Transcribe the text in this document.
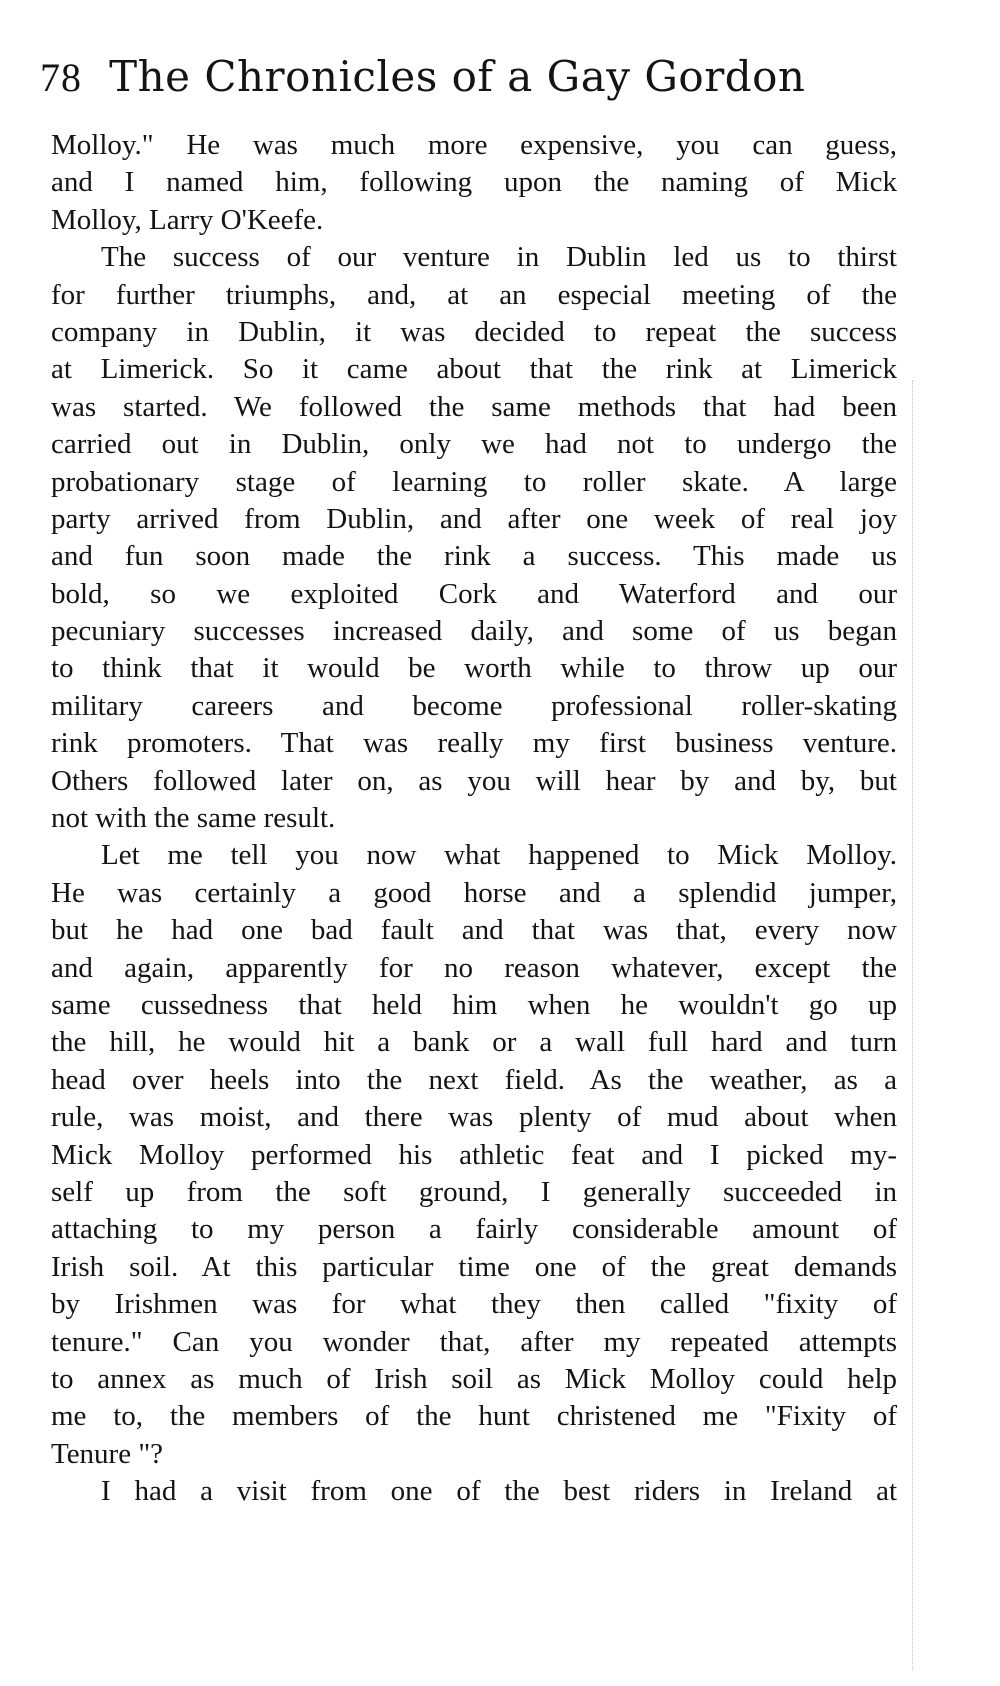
78 The Chronicles of a Gay Gordon
Molloy." He was much more expensive, you can guess,
and I named him, following upon the naming of Mick
Molloy, Larry O'Keefe.
The success of our venture in Dublin led us to thirst
for further triumphs, and, at an especial meeting of the
company in Dublin, it was decided to repeat the success
at Limerick. So it came about that the rink at Limerick
was started. We followed the same methods that had been
carried out in Dublin, only we had not to undergo the
probationary stage of learning to roller skate. A large
party arrived from Dublin, and after one week of real joy
and fun soon made the rink a success. This made us
bold, so we exploited Cork and Waterford and our
pecuniary successes increased daily, and some of us began
to think that it would be worth while to throw up our
military careers and become professional roller-skating
rink promoters. That was really my first business venture.
Others followed later on, as you will hear by and by, but
not with the same result.
Let me tell you now what happened to Mick Molloy.
He was certainly a good horse and a splendid jumper,
but he had one bad fault and that was that, every now
and again, apparently for no reason whatever, except the
same cussedness that held him when he wouldn't go up
the hill, he would hit a bank or a wall full hard and turn
head over heels into the next field. As the weather, as a
rule, was moist, and there was plenty of mud about when
Mick Molloy performed his athletic feat and I picked my-
self up from the soft ground, I generally succeeded in
attaching to my person a fairly considerable amount of
Irish soil. At this particular time one of the great demands
by Irishmen was for what they then called "fixity of
tenure." Can you wonder that, after my repeated attempts
to annex as much of Irish soil as Mick Molloy could help
me to, the members of the hunt christened me "Fixity of
Tenure "?
I had a visit from one of the best riders in Ireland at
